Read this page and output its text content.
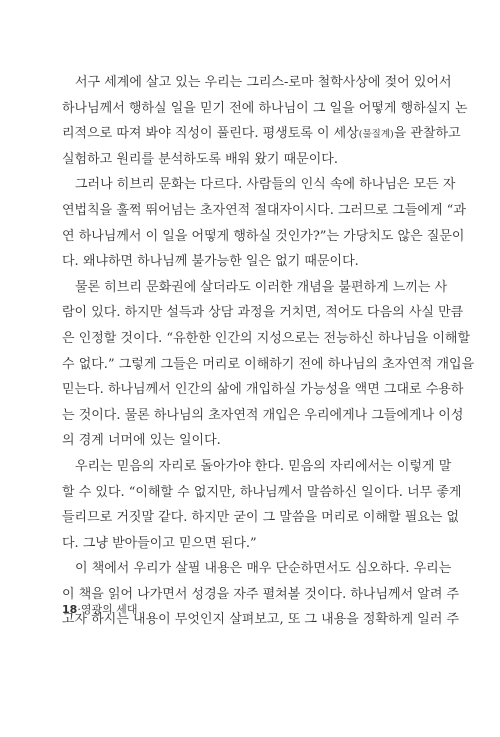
서구 세계에 살고 있는 우리는 그리스-로마 철학사상에 젖어 있어서
하나님께서 행하실 일을 믿기 전에 하나님이 그 일을 어떻게 행하실지 논
리적으로 따져 봐야 직성이 풀린다. 평생토록 이 세상(물질계)을 관찰하고
실험하고 원리를 분석하도록 배워 왔기 때문이다.
그러나 히브리 문화는 다르다. 사람들의 인식 속에 하나님은 모든 자
연법칙을 훌쩍 뛰어넘는 초자연적 절대자이시다. 그러므로 그들에게 “과
연 하나님께서 이 일을 어떻게 행하실 것인가?”는 가당치도 않은 질문이
다. 왜냐하면 하나님께 불가능한 일은 없기 때문이다.
물론 히브리 문화권에 살더라도 이러한 개념을 불편하게 느끼는 사
람이 있다. 하지만 설득과 상담 과정을 거치면, 적어도 다음의 사실 만큼
은 인정할 것이다. “유한한 인간의 지성으로는 전능하신 하나님을 이해할
수 없다.” 그렇게 그들은 머리로 이해하기 전에 하나님의 초자연적 개입을
믿는다. 하나님께서 인간의 삶에 개입하실 가능성을 액면 그대로 수용하
는 것이다. 물론 하나님의 초자연적 개입은 우리에게나 그들에게나 이성
의 경계 너머에 있는 일이다.
우리는 믿음의 자리로 돌아가야 한다. 믿음의 자리에서는 이렇게 말
할 수 있다. “이해할 수 없지만, 하나님께서 말씀하신 일이다. 너무 좋게
들리므로 거짓말 같다. 하지만 굳이 그 말씀을 머리로 이해할 필요는 없
다. 그냥 받아들이고 믿으면 된다.”
이 책에서 우리가 살필 내용은 매우 단순하면서도 심오하다. 우리는
이 책을 읽어 나가면서 성경을 자주 펼쳐볼 것이다. 하나님께서 알려 주
고자 하시는 내용이 무엇인지 살펴보고, 또 그 내용을 정확하게 일러 주
18·영광의 세대
